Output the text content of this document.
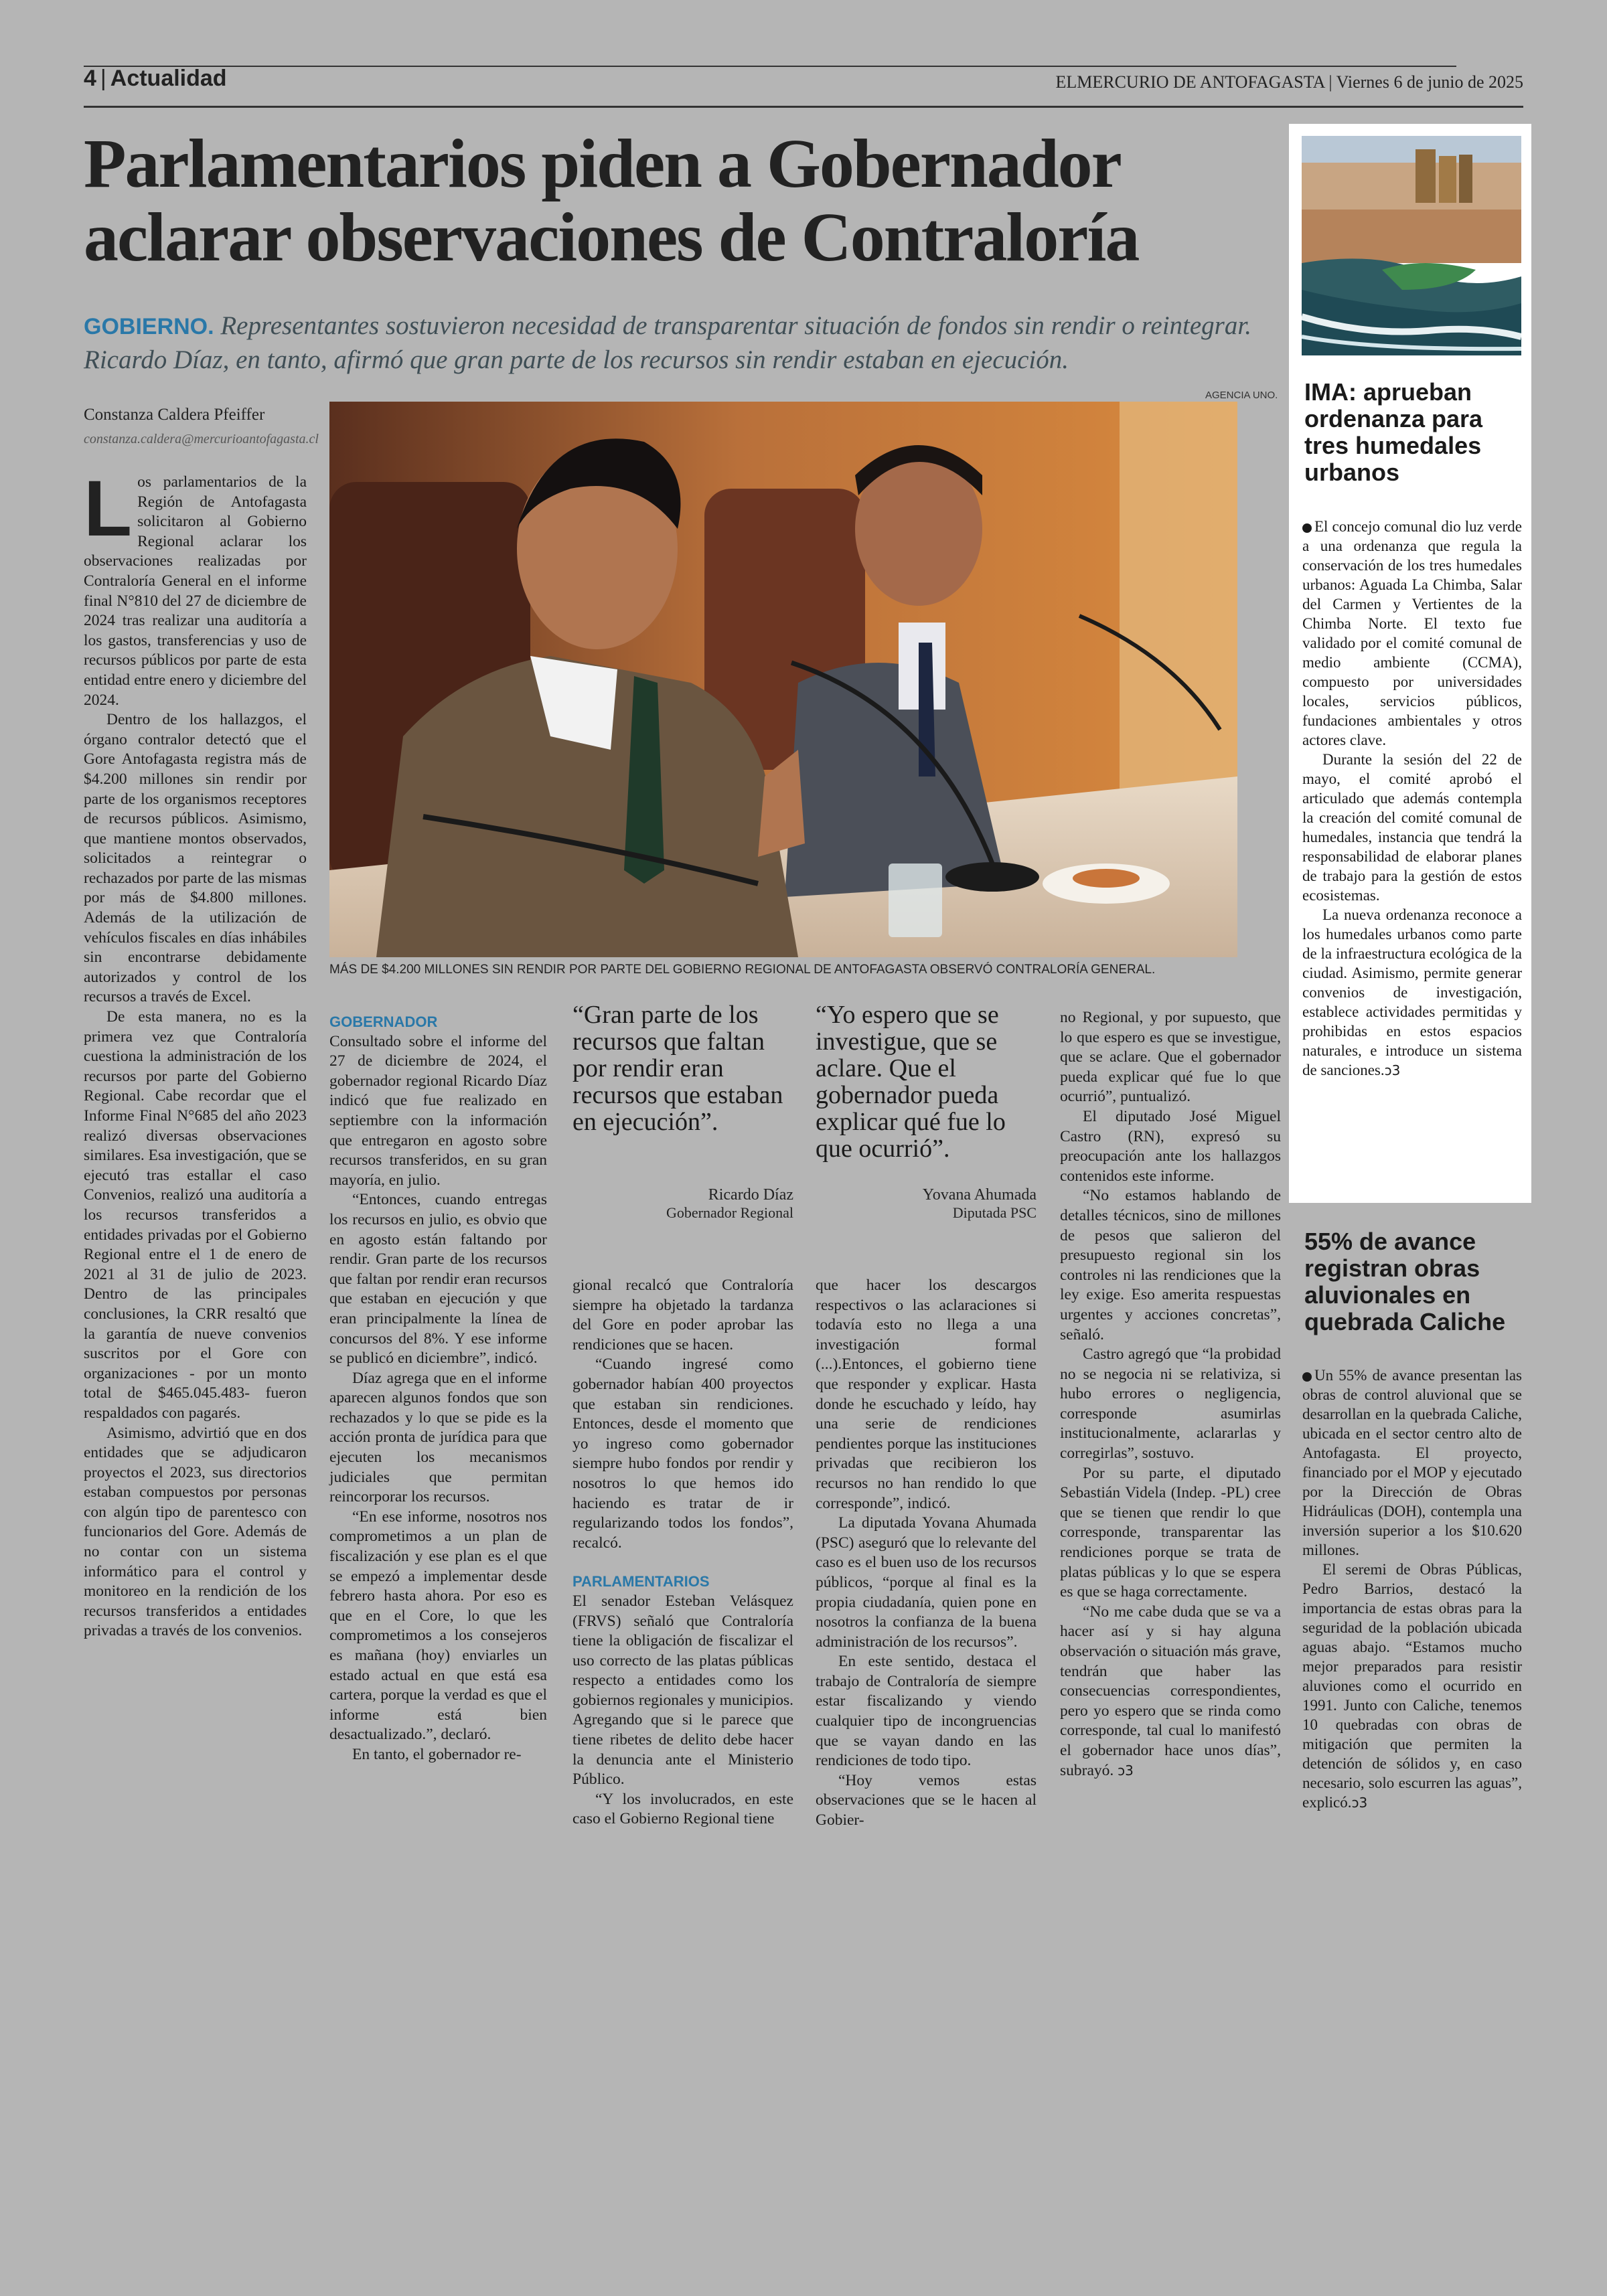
4 | Actualidad	ELMERCURIO DE ANTOFAGASTA | Viernes 6 de junio de 2025
Parlamentarios piden a Gobernador
aclarar observaciones de Contraloría
GOBIERNO. Representantes sostuvieron necesidad de transparentar situación de fondos sin rendir o reintegrar. Ricardo Díaz, en tanto, afirmó que gran parte de los recursos sin rendir estaban en ejecución.
Constanza Caldera Pfeiffer
constanza.caldera@mercurioantofagasta.cl
AGENCIA UNO.
MÁS DE $4.200 MILLONES SIN RENDIR POR PARTE DEL GOBIERNO REGIONAL DE ANTOFAGASTA OBSERVÓ CONTRALORÍA GENERAL.

Los parlamentarios de la Región de Antofagasta solicitaron al Gobierno Regional aclarar los observaciones realizadas por Contraloría General en el informe final N°810 del 27 de diciembre de 2024 tras realizar una auditoría a los gastos, transferencias y uso de recursos públicos por parte de esta entidad entre enero y diciembre del 2024.

Dentro de los hallazgos, el órgano contralor detectó que el Gore Antofagasta registra más de $4.200 millones sin rendir por parte de los organismos receptores de recursos públicos. Asimismo, que mantiene montos observados, solicitados a reintegrar o rechazados por parte de las mismas por más de $4.800 millones. Además de la utilización de vehículos fiscales en días inhábiles sin encontrarse debidamente autorizados y control de los recursos a través de Excel.

De esta manera, no es la primera vez que Contraloría cuestiona la administración de los recursos por parte del Gobierno Regional. Cabe recordar que el Informe Final N°685 del año 2023 realizó diversas observaciones similares. Esa investigación, que se ejecutó tras estallar el caso Convenios, realizó una auditoría a los recursos transferidos a entidades privadas por el Gobierno Regional entre el 1 de enero de 2021 al 31 de julio de 2023. Dentro de las principales conclusiones, la CRR resaltó que la garantía de nueve convenios suscritos por el Gore con organizaciones - por un monto total de $465.045.483- fueron respaldados con pagarés.

Asimismo, advirtió que en dos entidades que se adjudicaron proyectos el 2023, sus directorios estaban compuestos por personas con algún tipo de parentesco con funcionarios del Gore. Además de no contar con un sistema informático para el control y monitoreo en la rendición de los recursos transferidos a entidades privadas a través de los convenios.

GOBERNADOR

Consultado sobre el informe del 27 de diciembre de 2024, el gobernador regional Ricardo Díaz indicó que fue realizado en septiembre con la información que entregaron en agosto sobre recursos transferidos, en su gran mayoría, en julio.

“Entonces, cuando entregas los recursos en julio, es obvio que en agosto están faltando por rendir. Gran parte de los recursos que faltan por rendir eran recursos que estaban en ejecución y que eran principalmente la línea de concursos del 8%. Y ese informe se publicó en diciembre”, indicó.

Díaz agrega que en el informe aparecen algunos fondos que son rechazados y lo que se pide es la acción pronta de jurídica para que ejecuten los mecanismos judiciales que permitan reincorporar los recursos.

“En ese informe, nosotros nos comprometimos a un plan de fiscalización y ese plan es el que se empezó a implementar desde febrero hasta ahora. Por eso es que en el Core, lo que les comprometimos a los consejeros es mañana (hoy) enviarles un estado actual en que está esa cartera, porque la verdad es que el informe está bien desactualizado.”, declaró.

En tanto, el gobernador re-

“Gran parte de los recursos que faltan por rendir eran recursos que estaban en ejecución”.
Ricardo Díaz
Gobernador Regional
“Yo espero que se investigue, que se aclare. Que el gobernador pueda explicar qué fue lo que ocurrió”.
Yovana Ahumada
Diputada PSC

gional recalcó que Contraloría siempre ha objetado la tardanza del Gore en poder aprobar las rendiciones que se hacen.

“Cuando ingresé como gobernador habían 400 proyectos que estaban sin rendiciones. Entonces, desde el momento que yo ingreso como gobernador siempre hubo fondos por rendir y nosotros lo que hemos ido haciendo es tratar de ir regularizando todos los fondos”, recalcó.

PARLAMENTARIOS

El senador Esteban Velásquez (FRVS) señaló que Contraloría tiene la obligación de fiscalizar el uso correcto de las platas públicas respecto a entidades como los gobiernos regionales y municipios. Agregando que si le parece que tiene ribetes de delito debe hacer la denuncia ante el Ministerio Público.

“Y los involucrados, en este caso el Gobierno Regional tiene

que hacer los descargos respectivos o las aclaraciones si todavía esto no llega a una investigación formal (...).Entonces, el gobierno tiene que responder y explicar. Hasta donde he escuchado y leído, hay una serie de rendiciones pendientes porque las instituciones privadas que recibieron los recursos no han rendido lo que corresponde”, indicó.

La diputada Yovana Ahumada (PSC) aseguró que lo relevante del caso es el buen uso de los recursos públicos, “porque al final es la propia ciudadanía, quien pone en nosotros la confianza de la buena administración de los recursos”.

En este sentido, destaca el trabajo de Contraloría de siempre estar fiscalizando y viendo cualquier tipo de incongruencias que se vayan dando en las rendiciones de todo tipo.

“Hoy vemos estas observaciones que se le hacen al Gobier-

no Regional, y por supuesto, que lo que espero es que se investigue, que se aclare. Que el gobernador pueda explicar qué fue lo que ocurrió”, puntualizó.

El diputado José Miguel Castro (RN), expresó su preocupación ante los hallazgos contenidos este informe.

“No estamos hablando de detalles técnicos, sino de millones de pesos que salieron del presupuesto regional sin los controles ni las rendiciones que la ley exige. Eso amerita respuestas urgentes y acciones concretas”, señaló.

Castro agregó que “la probidad no se negocia ni se relativiza, si hubo errores o negligencia, corresponde asumirlas institucionalmente, aclararlas y corregirlas”, sostuvo.

Por su parte, el diputado Sebastián Videla (Indep. -PL) cree que se tienen que rendir lo que corresponde, transparentar las rendiciones porque se trata de platas públicas y lo que se espera es que se haga correctamente.

“No me cabe duda que se va a hacer así y si hay alguna observación o situación más grave, tendrán que haber las consecuencias correspondientes, pero yo espero que se rinda como corresponde, tal cual lo manifestó el gobernador hace unos días”, subrayó. ↄ3

IMA: aprueban ordenanza para tres humedales urbanos

El concejo comunal dio luz verde a una ordenanza que regula la conservación de los tres humedales urbanos: Aguada La Chimba, Salar del Carmen y Vertientes de la Chimba Norte. El texto fue validado por el comité comunal de medio ambiente (CCMA), compuesto por universidades locales, servicios públicos, fundaciones ambientales y otros actores clave.

Durante la sesión del 22 de mayo, el comité aprobó el articulado que además contempla la creación del comité comunal de humedales, instancia que tendrá la responsabilidad de elaborar planes de trabajo para la gestión de estos ecosistemas.

La nueva ordenanza reconoce a los humedales urbanos como parte de la infraestructura ecológica de la ciudad. Asimismo, permite generar convenios de investigación, establece actividades permitidas y prohibidas en estos espacios naturales, e introduce un sistema de sanciones.ↄ3

55% de avance registran obras aluvionales en quebrada Caliche

Un 55% de avance presentan las obras de control aluvional que se desarrollan en la quebrada Caliche, ubicada en el sector centro alto de Antofagasta. El proyecto, financiado por el MOP y ejecutado por la Dirección de Obras Hidráulicas (DOH), contempla una inversión superior a los $10.620 millones.

El seremi de Obras Públicas, Pedro Barrios, destacó la importancia de estas obras para la seguridad de la población ubicada aguas abajo. “Estamos mucho mejor preparados para resistir aluviones como el ocurrido en 1991. Junto con Caliche, tenemos 10 quebradas con obras de mitigación que permiten la detención de sólidos y, en caso necesario, solo escurren las aguas”, explicó.ↄ3
